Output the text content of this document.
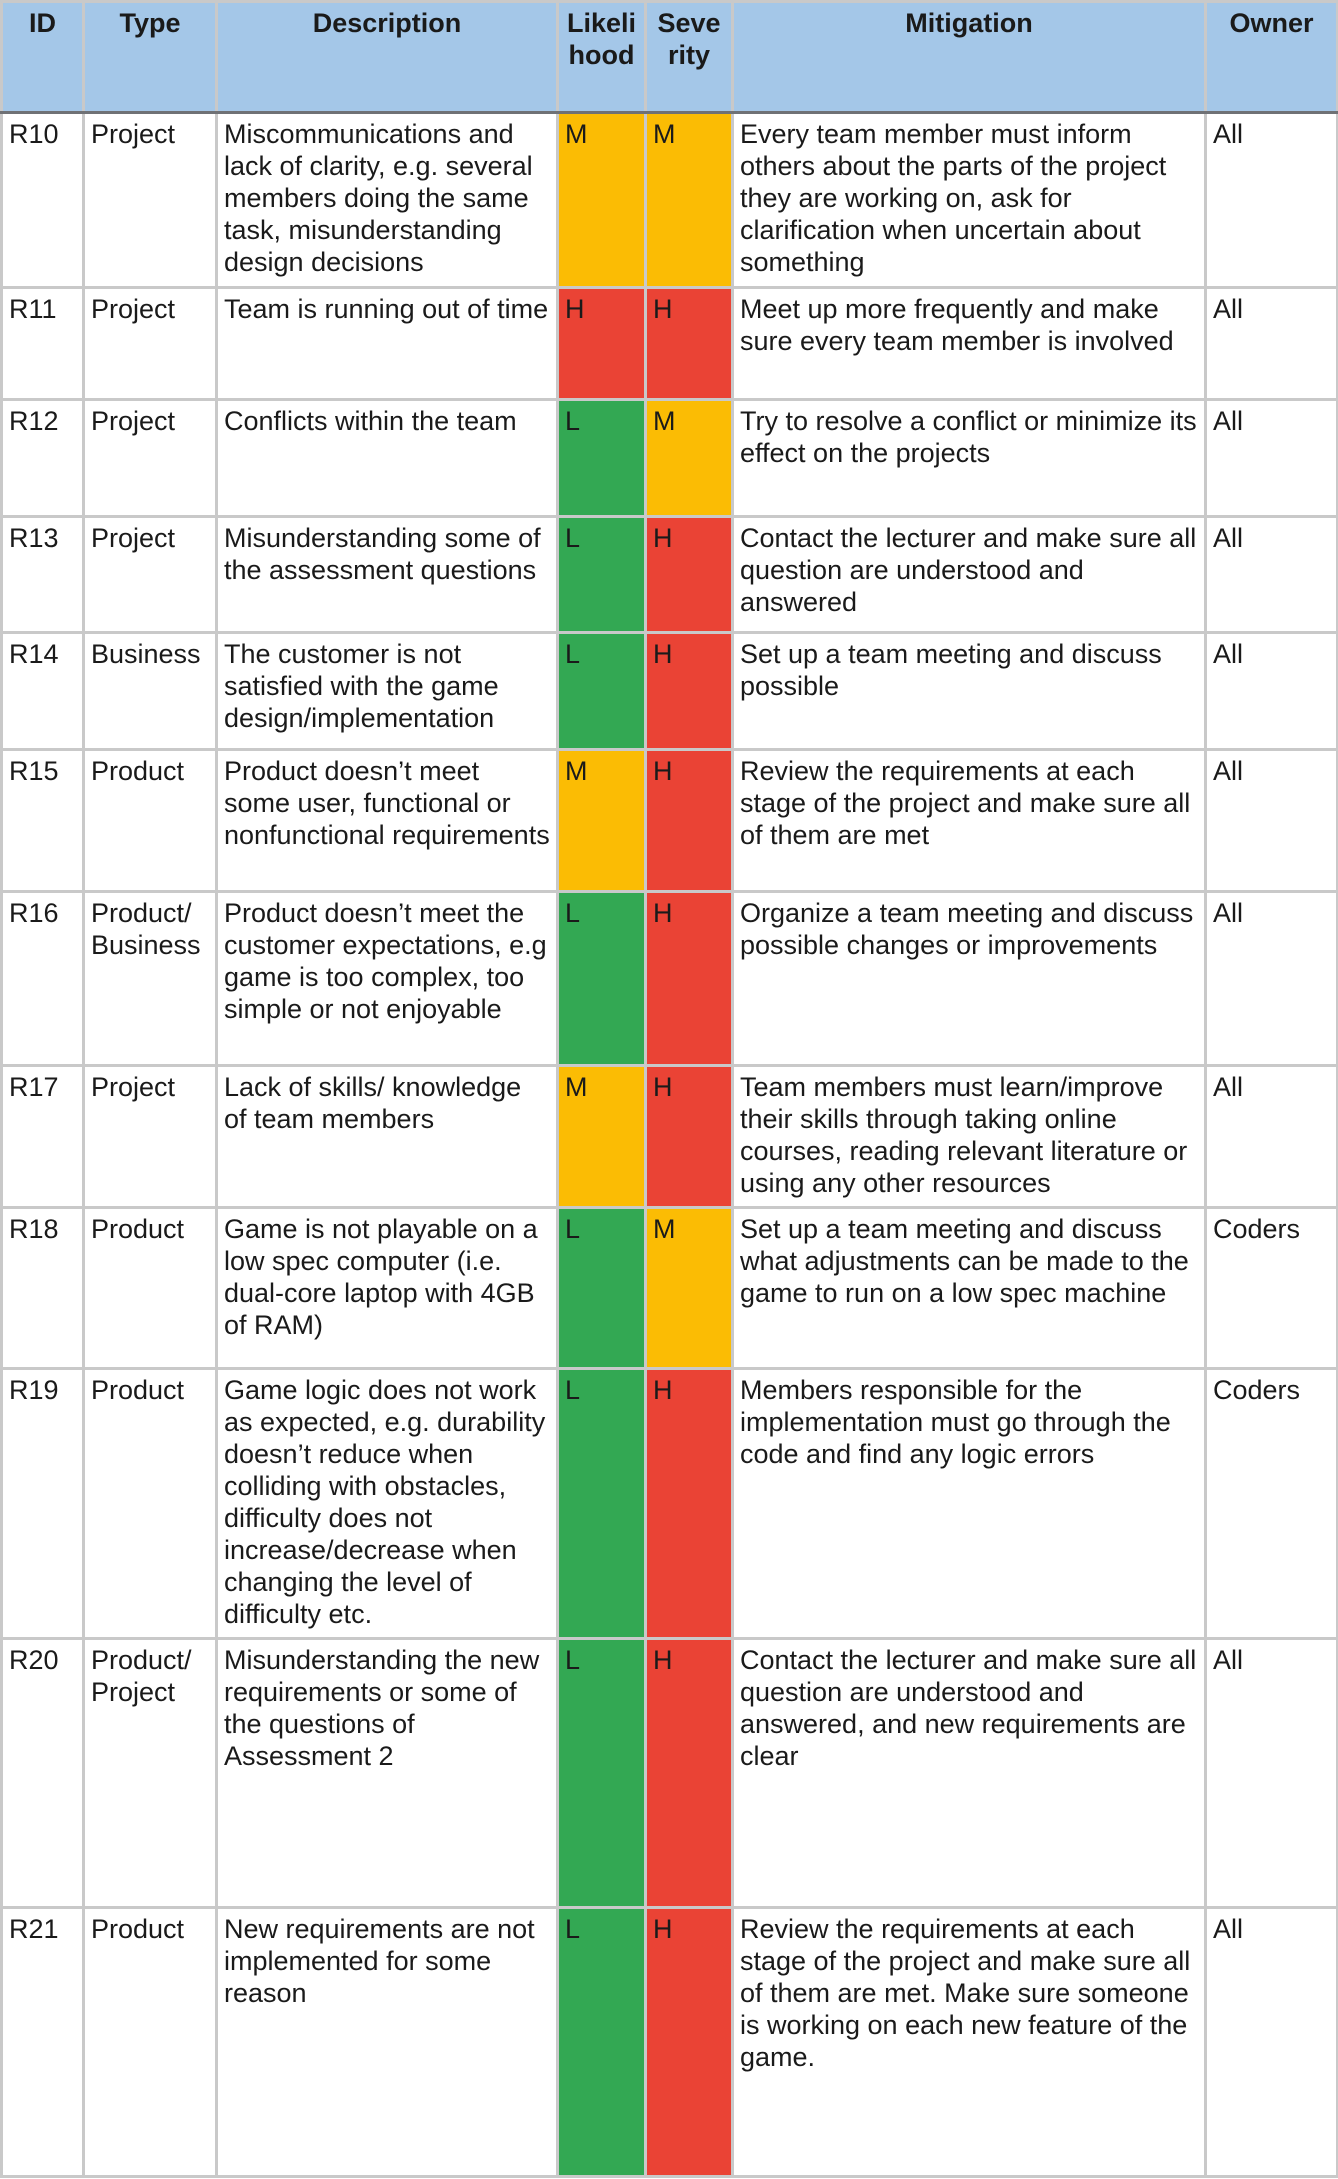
ID	Type	Description	Likeli hood	Seve rity	Mitigation	Owner
R10	Project	Miscommunications and lack of clarity, e.g. several members doing the same task, misunderstanding design decisions	M	M	Every team member must inform others about the parts of the project they are working on, ask for clarification when uncertain about something	All
R11	Project	Team is running out of time	H	H	Meet up more frequently and make sure every team member is involved	All
R12	Project	Conflicts within the team	L	M	Try to resolve a conflict or minimize its effect on the projects	All
R13	Project	Misunderstanding some of the assessment questions	L	H	Contact the lecturer and make sure all question are understood and answered	All
R14	Business	The customer is not satisfied with the game design/implementation	L	H	Set up a team meeting and discuss possible	All
R15	Product	Product doesn’t meet some user, functional or nonfunctional requirements	M	H	Review the requirements at each stage of the project and make sure all of them are met	All
R16	Product/ Business	Product doesn’t meet the customer expectations, e.g game is too complex, too simple or not enjoyable	L	H	Organize a team meeting and discuss possible changes or improvements	All
R17	Project	Lack of skills/ knowledge of team members	M	H	Team members must learn/improve their skills through taking online courses, reading relevant literature or using any other resources	All
R18	Product	Game is not playable on a low spec computer (i.e. dual-core laptop with 4GB of RAM)	L	M	Set up a team meeting and discuss what adjustments can be made to the game to run on a low spec machine	Coders
R19	Product	Game logic does not work as expected, e.g. durability doesn’t reduce when colliding with obstacles, difficulty does not increase/decrease when changing the level of difficulty etc.	L	H	Members responsible for the implementation must go through the code and find any logic errors	Coders
R20	Product/ Project	Misunderstanding the new requirements or some of the questions of Assessment 2	L	H	Contact the lecturer and make sure all question are understood and answered, and new requirements are clear	All
R21	Product	New requirements are not implemented for some reason	L	H	Review the requirements at each stage of the project and make sure all of them are met. Make sure someone is working on each new feature of the game.	All
